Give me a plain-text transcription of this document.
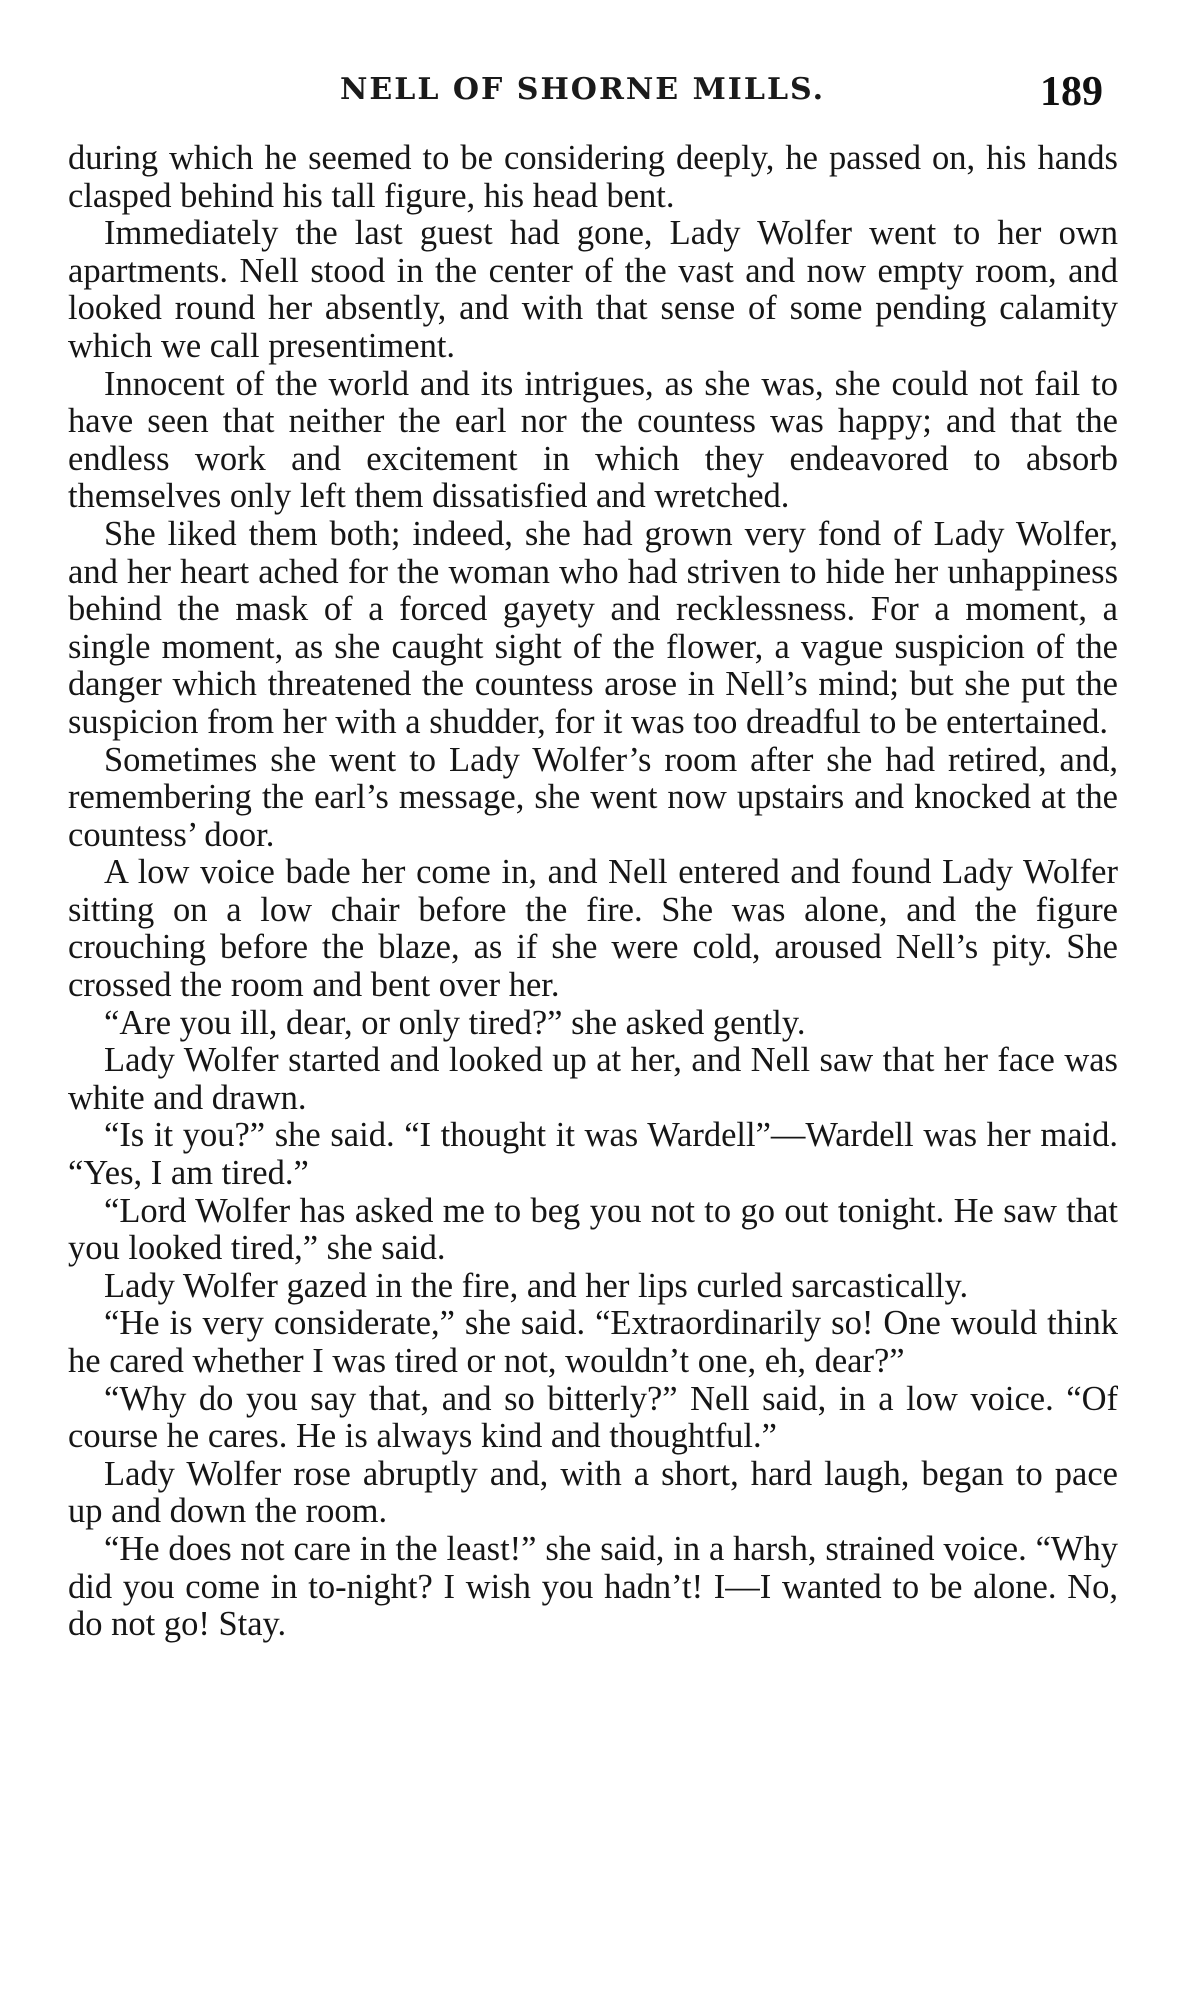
NELL OF SHORNE MILLS.	189

during which he seemed to be considering deeply, he passed on, his hands clasped behind his tall figure, his head bent.

Immediately the last guest had gone, Lady Wolfer went to her own apartments. Nell stood in the center of the vast and now empty room, and looked round her absently, and with that sense of some pending calamity which we call presentiment.

Innocent of the world and its intrigues, as she was, she could not fail to have seen that neither the earl nor the countess was happy; and that the endless work and excitement in which they endeavored to absorb themselves only left them dissatisfied and wretched.

She liked them both; indeed, she had grown very fond of Lady Wolfer, and her heart ached for the woman who had striven to hide her unhappiness behind the mask of a forced gayety and recklessness. For a moment, a single moment, as she caught sight of the flower, a vague suspicion of the danger which threatened the countess arose in Nell’s mind; but she put the suspicion from her with a shudder, for it was too dreadful to be entertained.

Sometimes she went to Lady Wolfer’s room after she had retired, and, remembering the earl’s message, she went now upstairs and knocked at the countess’ door.

A low voice bade her come in, and Nell entered and found Lady Wolfer sitting on a low chair before the fire. She was alone, and the figure crouching before the blaze, as if she were cold, aroused Nell’s pity. She crossed the room and bent over her.

“Are you ill, dear, or only tired?” she asked gently.

Lady Wolfer started and looked up at her, and Nell saw that her face was white and drawn.

“Is it you?” she said. “I thought it was Wardell”—Wardell was her maid. “Yes, I am tired.”

“Lord Wolfer has asked me to beg you not to go out tonight. He saw that you looked tired,” she said.

Lady Wolfer gazed in the fire, and her lips curled sarcastically.

“He is very considerate,” she said. “Extraordinarily so! One would think he cared whether I was tired or not, wouldn’t one, eh, dear?”

“Why do you say that, and so bitterly?” Nell said, in a low voice. “Of course he cares. He is always kind and thoughtful.”

Lady Wolfer rose abruptly and, with a short, hard laugh, began to pace up and down the room.

“He does not care in the least!” she said, in a harsh, strained voice. “Why did you come in to-night? I wish you hadn’t! I—I wanted to be alone. No, do not go! Stay.
